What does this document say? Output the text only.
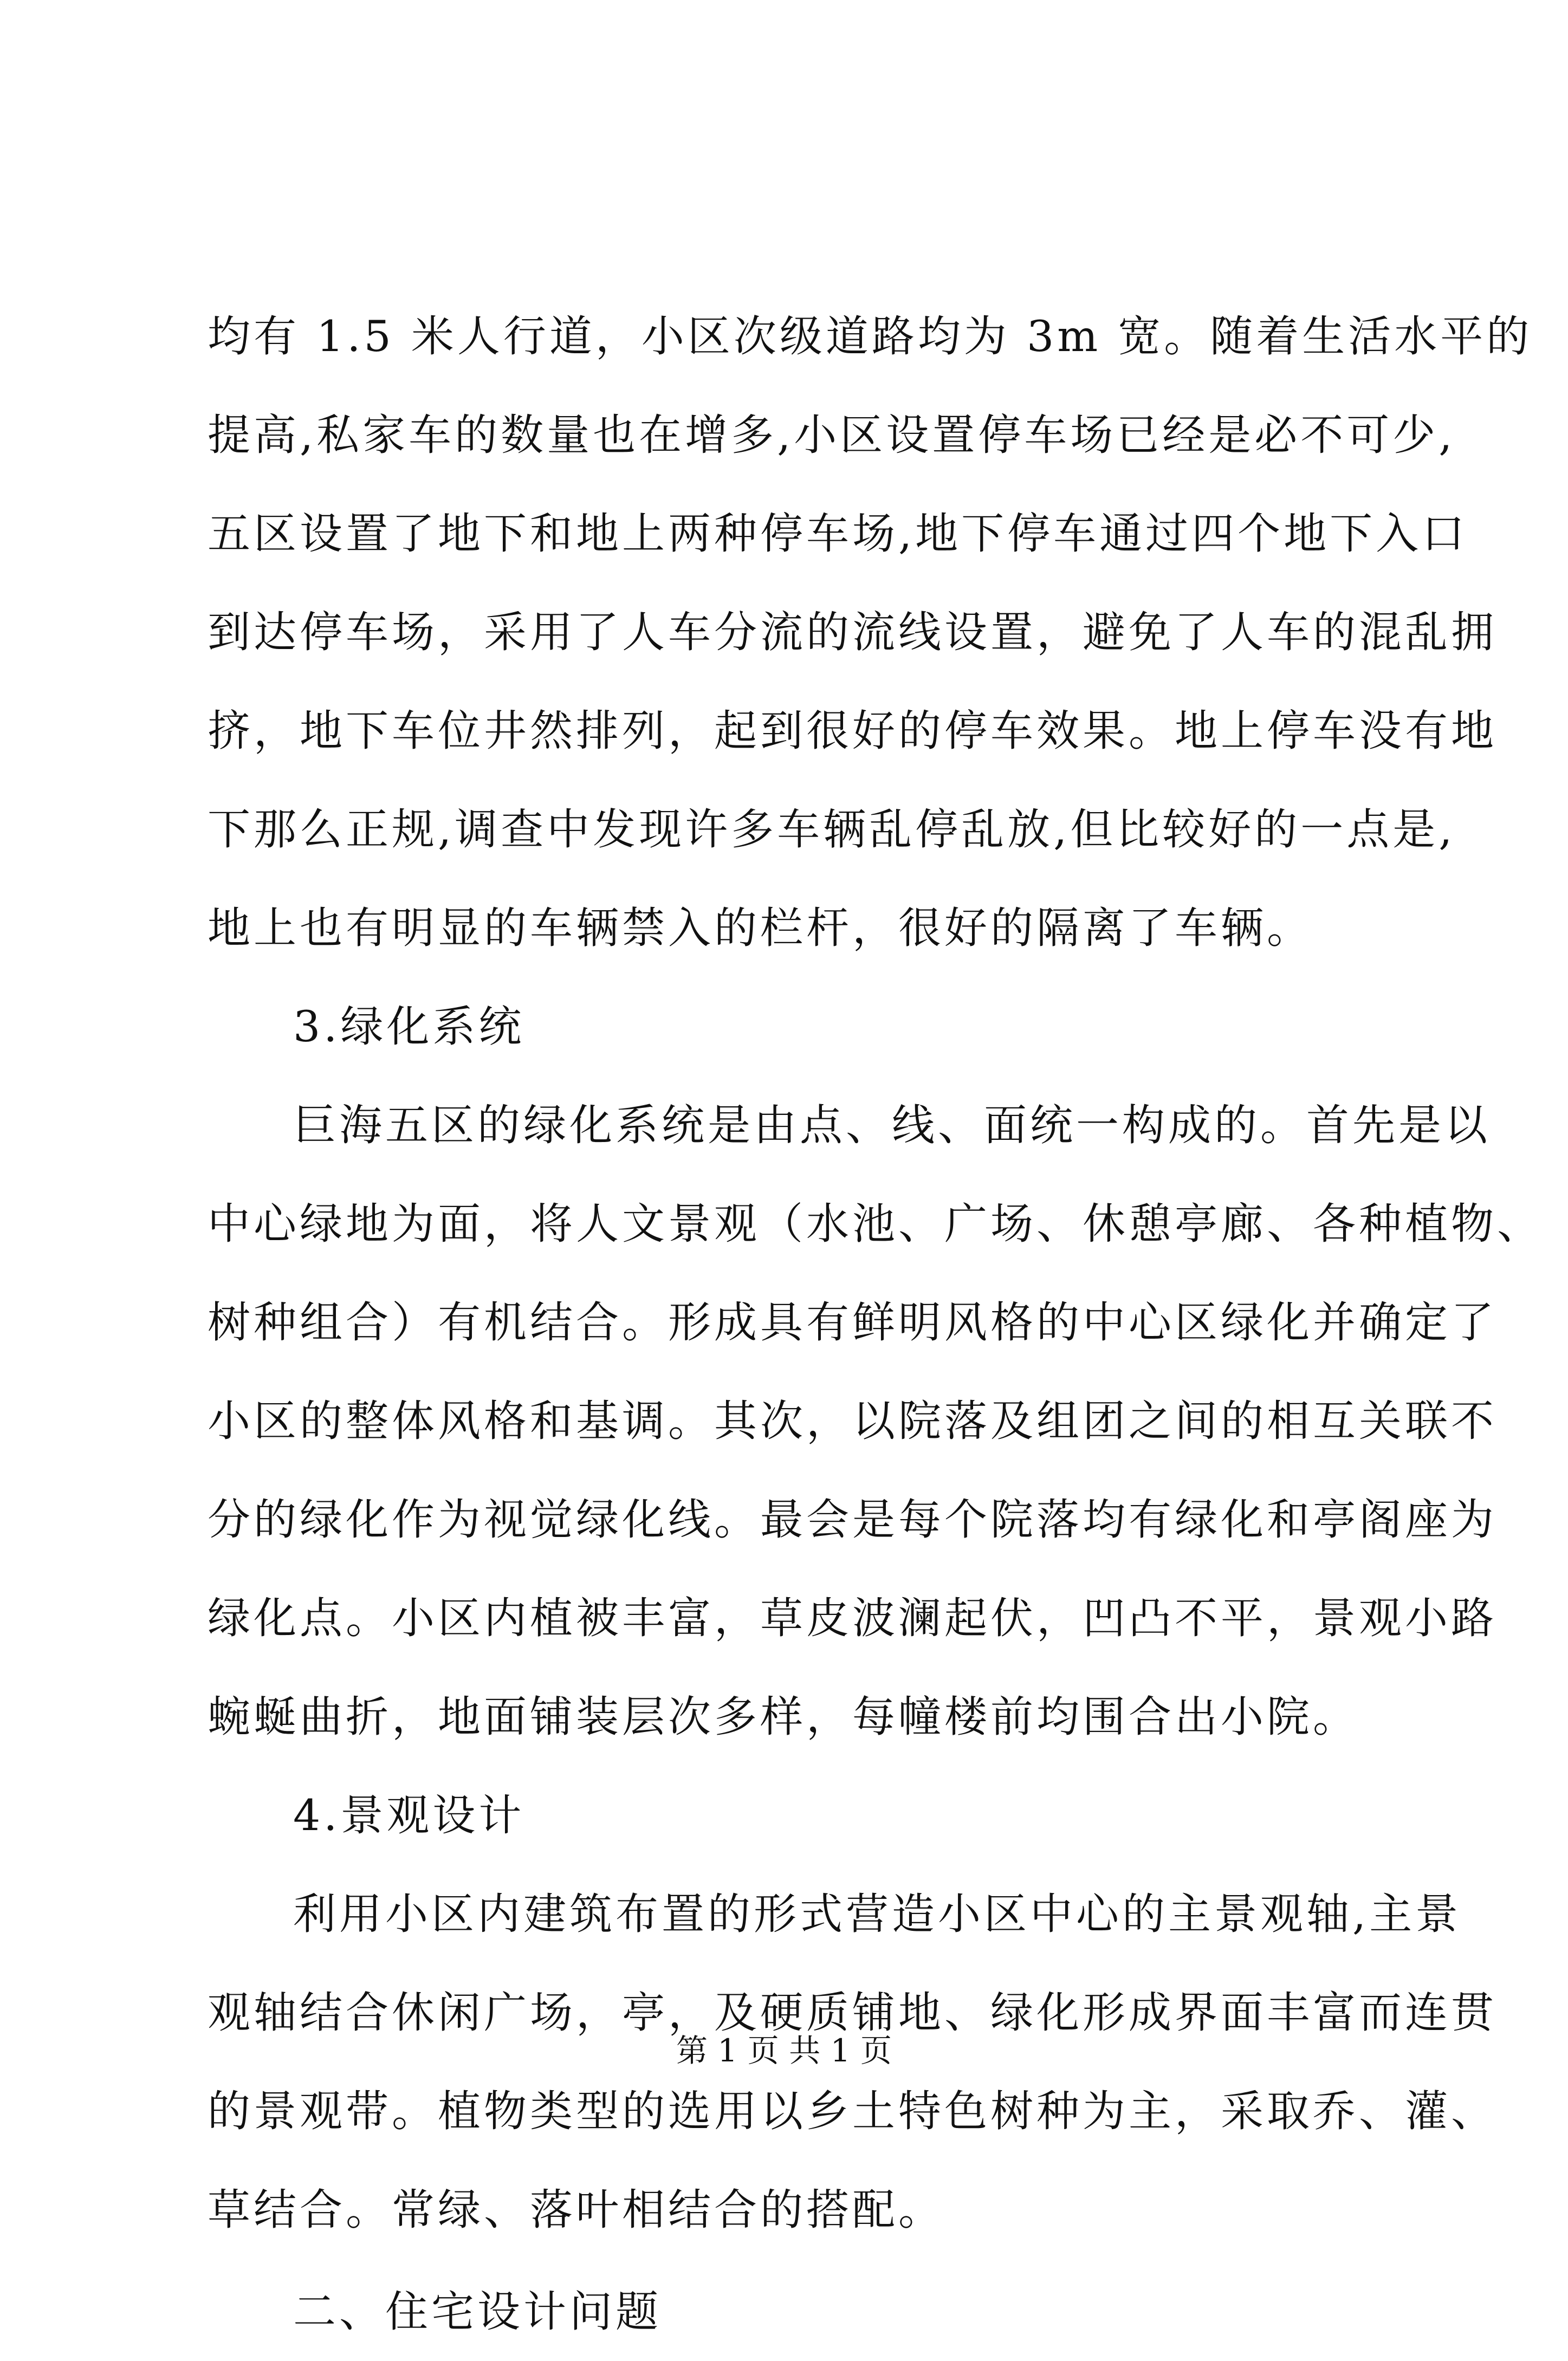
均有 1.5 米人行道，小区次级道路均为 3m 宽。随着生活水平的
提高,私家车的数量也在增多,小区设置停车场已经是必不可少,
五区设置了地下和地上两种停车场,地下停车通过四个地下入口
到达停车场，采用了人车分流的流线设置，避免了人车的混乱拥
挤，地下车位井然排列，起到很好的停车效果。地上停车没有地
下那么正规,调查中发现许多车辆乱停乱放,但比较好的一点是,
地上也有明显的车辆禁入的栏杆，很好的隔离了车辆。
3.绿化系统
巨海五区的绿化系统是由点、线、面统一构成的。首先是以
中心绿地为面，将人文景观（水池、广场、休憩亭廊、各种植物、
树种组合）有机结合。形成具有鲜明风格的中心区绿化并确定了
小区的整体风格和基调。其次，以院落及组团之间的相互关联不
分的绿化作为视觉绿化线。最会是每个院落均有绿化和亭阁座为
绿化点。小区内植被丰富，草皮波澜起伏，凹凸不平，景观小路
蜿蜒曲折，地面铺装层次多样，每幢楼前均围合出小院。
4.景观设计
利用小区内建筑布置的形式营造小区中心的主景观轴,主景
观轴结合休闲广场，亭，及硬质铺地、绿化形成界面丰富而连贯
的景观带。植物类型的选用以乡土特色树种为主，采取乔、灌、
草结合。常绿、落叶相结合的搭配。
二、住宅设计问题
第 1 页 共 1 页
